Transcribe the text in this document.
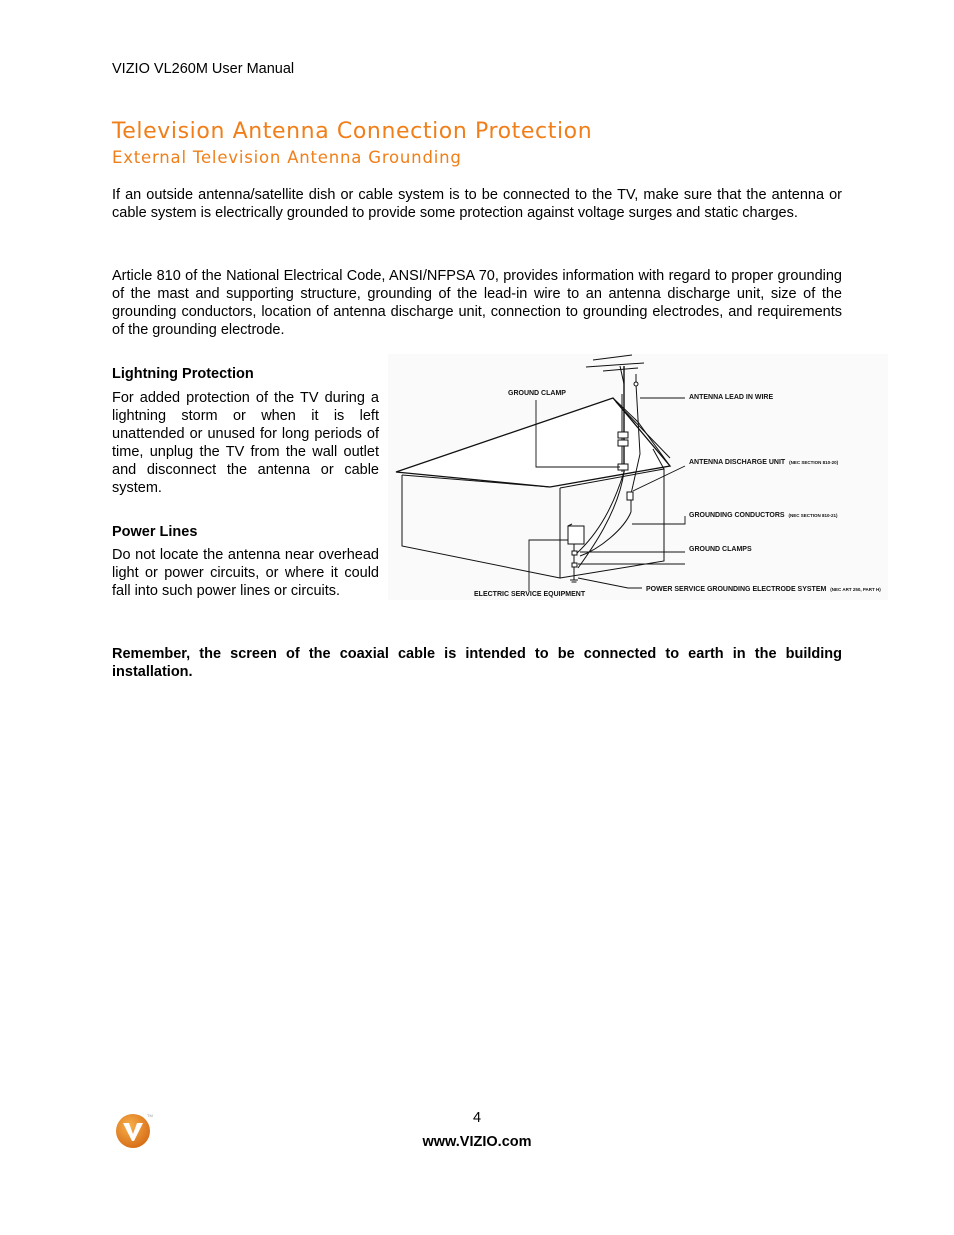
VIZIO VL260M User Manual
Television Antenna Connection Protection
External Television Antenna Grounding

If an outside antenna/satellite dish or cable system is to be connected to the TV, make sure that the antenna or cable system is electrically grounded to provide some protection against voltage surges and static charges.

Article 810 of the National Electrical Code, ANSI/NFPSA 70, provides information with regard to proper grounding of the mast and supporting structure, grounding of the lead-in wire to an antenna discharge unit, size of the grounding conductors, location of antenna discharge unit, connection to grounding electrodes, and requirements of the grounding electrode.

Lightning Protection

For added protection of the TV during a lightning storm or when it is left unattended or unused for long periods of time, unplug the TV from the wall outlet and disconnect the antenna or cable system.

Power Lines

Do not locate the antenna near overhead light or power circuits, or where it could fall into such power lines or circuits.

GROUND CLAMP
ANTENNA LEAD IN WIRE
ANTENNA DISCHARGE UNIT (NEC SECTION 810-20)
GROUNDING CONDUCTORS (NEC SECTION 810-21)
GROUND CLAMPS
ELECTRIC SERVICE EQUIPMENT
POWER SERVICE GROUNDING ELECTRODE SYSTEM (NEC ART 250, PART H)

Remember, the screen of the coaxial cable is intended to be connected to earth in the building installation.

TM	4
www.VIZIO.com
